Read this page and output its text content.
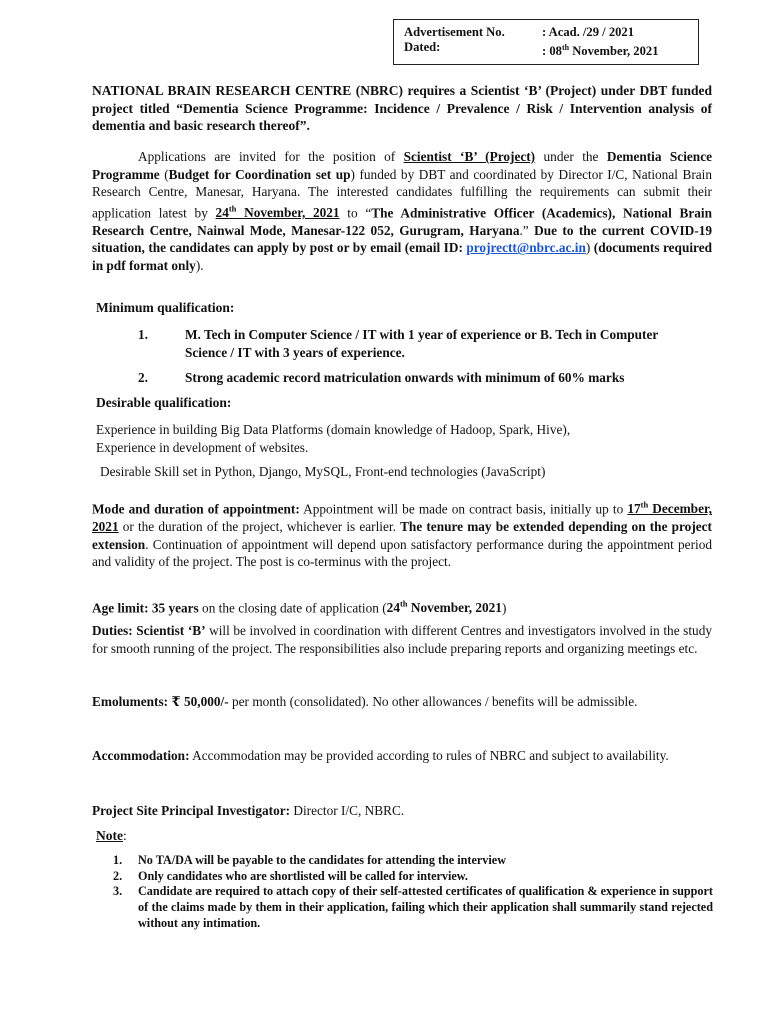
Advertisement No.	: Acad. /29 / 2021
Dated:	: 08th November, 2021
NATIONAL BRAIN RESEARCH CENTRE (NBRC) requires a Scientist ‘B’ (Project) under DBT funded project titled “Dementia Science Programme: Incidence / Prevalence / Risk / Intervention analysis of dementia and basic research thereof”.
Applications are invited for the position of Scientist ‘B’ (Project) under the Dementia Science Programme (Budget for Coordination set up) funded by DBT and coordinated by Director I/C, National Brain Research Centre, Manesar, Haryana. The interested candidates fulfilling the requirements can submit their application latest by 24th November, 2021 to “The Administrative Officer (Academics), National Brain Research Centre, Nainwal Mode, Manesar-122 052, Gurugram, Haryana.” Due to the current COVID-19 situation, the candidates can apply by post or by email (email ID: projrectt@nbrc.ac.in) (documents required in pdf format only).
Minimum qualification:
1.	M. Tech in Computer Science / IT with 1 year of experience or B. Tech in Computer Science / IT with 3 years of experience.
2.	Strong academic record matriculation onwards with minimum of 60% marks
Desirable qualification:
Experience in building Big Data Platforms (domain knowledge of Hadoop, Spark, Hive),
Experience in development of websites.
Desirable Skill set in Python, Django, MySQL, Front-end technologies (JavaScript)
Mode and duration of appointment: Appointment will be made on contract basis, initially up to 17th December, 2021 or the duration of the project, whichever is earlier. The tenure may be extended depending on the project extension. Continuation of appointment will depend upon satisfactory performance during the appointment period and validity of the project. The post is co-terminus with the project.
Age limit: 35 years on the closing date of application (24th November, 2021)
Duties: Scientist ‘B’ will be involved in coordination with different Centres and investigators involved in the study for smooth running of the project. The responsibilities also include preparing reports and organizing meetings etc.
Emoluments: ₹ 50,000/- per month (consolidated). No other allowances / benefits will be admissible.
Accommodation: Accommodation may be provided according to rules of NBRC and subject to availability.
Project Site Principal Investigator: Director I/C, NBRC.
Note:
1.	No TA/DA will be payable to the candidates for attending the interview
2.	Only candidates who are shortlisted will be called for interview.
3.	Candidate are required to attach copy of their self-attested certificates of qualification & experience in support of the claims made by them in their application, failing which their application shall summarily stand rejected without any intimation.
